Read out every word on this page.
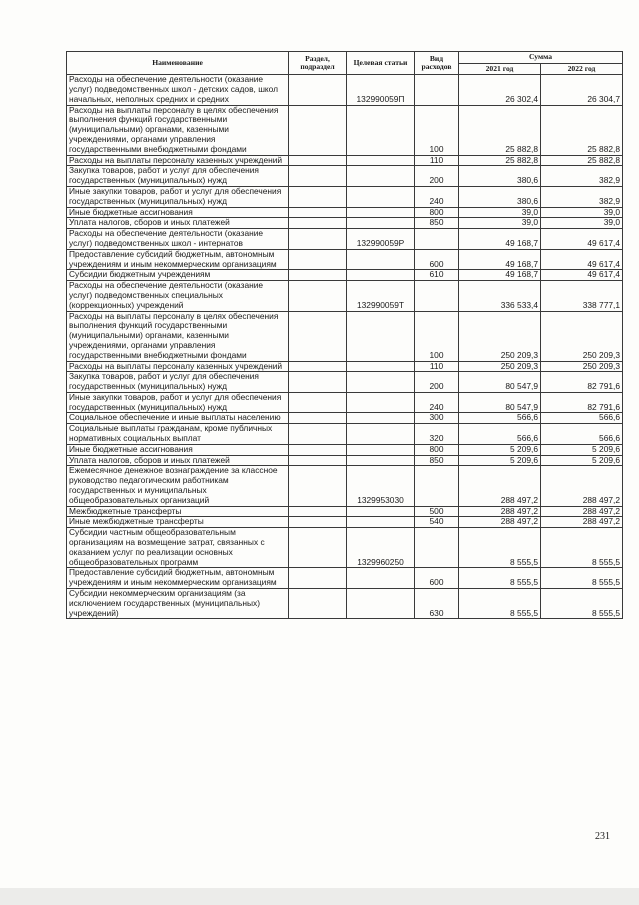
Наименование	Раздел, подраздел	Целевая статьи	Вид расходов	Сумма	
				2021 год	2022 год
Расходы на обеспечение деятельности (оказание услуг) подведомственных школ - детских садов, школ начальных, неполных средних и средних		132990059П		26 302,4	26 304,7
Расходы на выплаты персоналу в целях обеспечения выполнения функций государственными (муниципальными) органами, казенными учреждениями, органами управления государственными внебюджетными фондами			100	25 882,8	25 882,8
Расходы на выплаты персоналу казенных учреждений			110	25 882,8	25 882,8
Закупка товаров, работ и услуг для обеспечения государственных (муниципальных) нужд			200	380,6	382,9
Иные закупки товаров, работ и услуг для обеспечения государственных (муниципальных) нужд			240	380,6	382,9
Иные бюджетные ассигнования			800	39,0	39,0
Уплата налогов, сборов и иных платежей			850	39,0	39,0
Расходы на обеспечение деятельности (оказание услуг) подведомственных школ - интернатов		132990059Р		49 168,7	49 617,4
Предоставление субсидий бюджетным, автономным учреждениям и иным некоммерческим организациям			600	49 168,7	49 617,4
Субсидии бюджетным учреждениям			610	49 168,7	49 617,4
Расходы на обеспечение деятельности (оказание услуг) подведомственных специальных (коррекционных) учреждений		132990059Т		336 533,4	338 777,1
Расходы на выплаты персоналу в целях обеспечения выполнения функций государственными (муниципальными) органами, казенными учреждениями, органами управления государственными внебюджетными фондами			100	250 209,3	250 209,3
Расходы на выплаты персоналу казенных учреждений			110	250 209,3	250 209,3
Закупка товаров, работ и услуг для обеспечения государственных (муниципальных) нужд			200	80 547,9	82 791,6
Иные закупки товаров, работ и услуг для обеспечения государственных (муниципальных) нужд			240	80 547,9	82 791,6
Социальное обеспечение и иные выплаты населению			300	566,6	566,6
Социальные выплаты гражданам, кроме публичных нормативных социальных выплат			320	566,6	566,6
Иные бюджетные ассигнования			800	5 209,6	5 209,6
Уплата налогов, сборов и иных платежей			850	5 209,6	5 209,6
Ежемесячное денежное вознаграждение за классное руководство педагогическим работникам государственных и муниципальных общеобразовательных организаций		1329953030		288 497,2	288 497,2
Межбюджетные трансферты			500	288 497,2	288 497,2
Иные межбюджетные трансферты			540	288 497,2	288 497,2
Субсидии частным общеобразовательным организациям на возмещение затрат, связанных с оказанием услуг по реализации основных общеобразовательных программ		1329960250		8 555,5	8 555,5
Предоставление субсидий бюджетным, автономным учреждениям и иным некоммерческим организациям			600	8 555,5	8 555,5
Субсидии некоммерческим организациям (за исключением государственных (муниципальных) учреждений)			630	8 555,5	8 555,5
231
